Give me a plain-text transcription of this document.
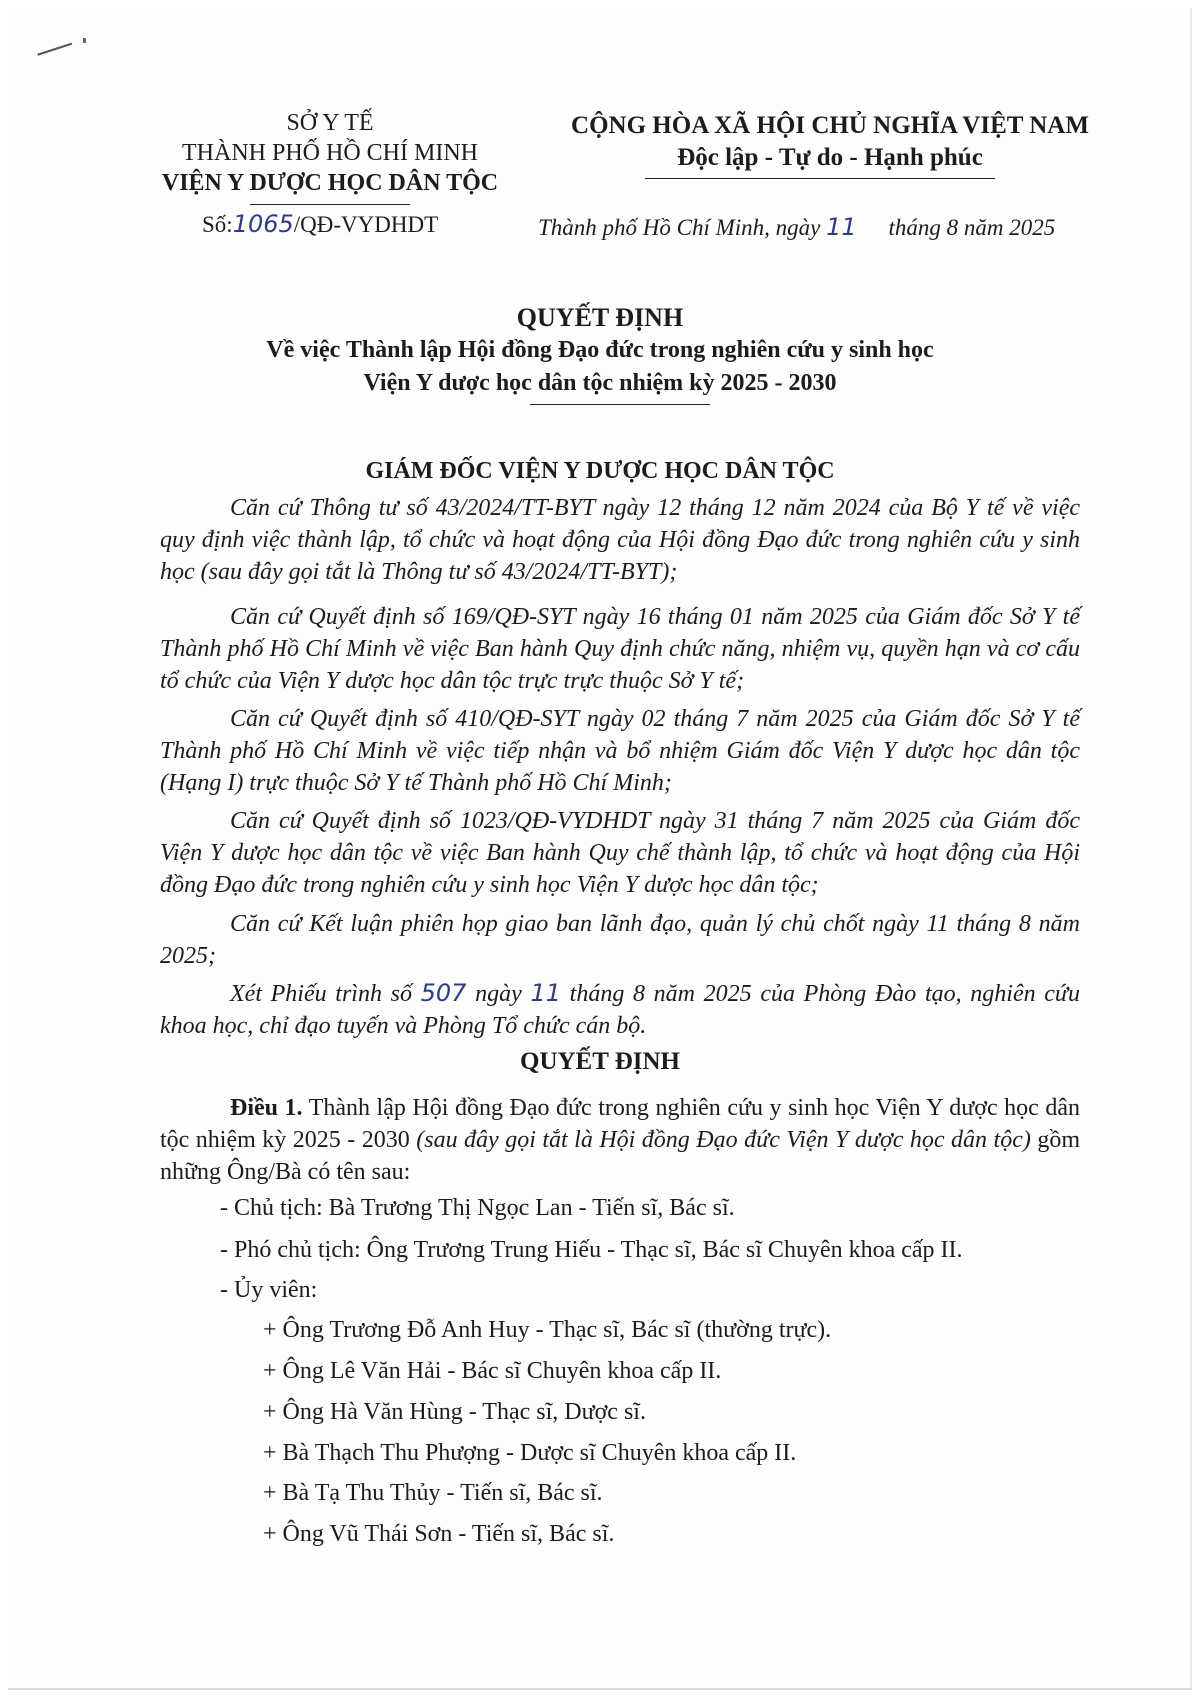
SỞ Y TẾ
THÀNH PHỐ HỒ CHÍ MINH
VIỆN Y DƯỢC HỌC DÂN TỘC
CỘNG HÒA XÃ HỘI CHỦ NGHĨA VIỆT NAM
Độc lập - Tự do - Hạnh phúc
Số:1065/QĐ-VYDHDT	Thành phố Hồ Chí Minh, ngày 11 tháng 8 năm 2025
QUYẾT ĐỊNH
Về việc Thành lập Hội đồng Đạo đức trong nghiên cứu y sinh học
Viện Y dược học dân tộc nhiệm kỳ 2025 - 2030
GIÁM ĐỐC VIỆN Y DƯỢC HỌC DÂN TỘC
Căn cứ Thông tư số 43/2024/TT-BYT ngày 12 tháng 12 năm 2024 của Bộ Y tế về việc quy định việc thành lập, tổ chức và hoạt động của Hội đồng Đạo đức trong nghiên cứu y sinh học (sau đây gọi tắt là Thông tư số 43/2024/TT-BYT);
Căn cứ Quyết định số 169/QĐ-SYT ngày 16 tháng 01 năm 2025 của Giám đốc Sở Y tế Thành phố Hồ Chí Minh về việc Ban hành Quy định chức năng, nhiệm vụ, quyền hạn và cơ cấu tổ chức của Viện Y dược học dân tộc trực trực thuộc Sở Y tế;
Căn cứ Quyết định số 410/QĐ-SYT ngày 02 tháng 7 năm 2025 của Giám đốc Sở Y tế Thành phố Hồ Chí Minh về việc tiếp nhận và bổ nhiệm Giám đốc Viện Y dược học dân tộc (Hạng I) trực thuộc Sở Y tế Thành phố Hồ Chí Minh;
Căn cứ Quyết định số 1023/QĐ-VYDHDT ngày 31 tháng 7 năm 2025 của Giám đốc Viện Y dược học dân tộc về việc Ban hành Quy chế thành lập, tổ chức và hoạt động của Hội đồng Đạo đức trong nghiên cứu y sinh học Viện Y dược học dân tộc;
Căn cứ Kết luận phiên họp giao ban lãnh đạo, quản lý chủ chốt ngày 11 tháng 8 năm 2025;
Xét Phiếu trình số 507 ngày 11 tháng 8 năm 2025 của Phòng Đào tạo, nghiên cứu khoa học, chỉ đạo tuyến và Phòng Tổ chức cán bộ.
QUYẾT ĐỊNH
Điều 1. Thành lập Hội đồng Đạo đức trong nghiên cứu y sinh học Viện Y dược học dân tộc nhiệm kỳ 2025 - 2030 (sau đây gọi tắt là Hội đồng Đạo đức Viện Y dược học dân tộc) gồm những Ông/Bà có tên sau:
- Chủ tịch: Bà Trương Thị Ngọc Lan - Tiến sĩ, Bác sĩ.
- Phó chủ tịch: Ông Trương Trung Hiếu - Thạc sĩ, Bác sĩ Chuyên khoa cấp II.
- Ủy viên:
+ Ông Trương Đỗ Anh Huy - Thạc sĩ, Bác sĩ (thường trực).
+ Ông Lê Văn Hải - Bác sĩ Chuyên khoa cấp II.
+ Ông Hà Văn Hùng - Thạc sĩ, Dược sĩ.
+ Bà Thạch Thu Phượng - Dược sĩ Chuyên khoa cấp II.
+ Bà Tạ Thu Thủy - Tiến sĩ, Bác sĩ.
+ Ông Vũ Thái Sơn - Tiến sĩ, Bác sĩ.
